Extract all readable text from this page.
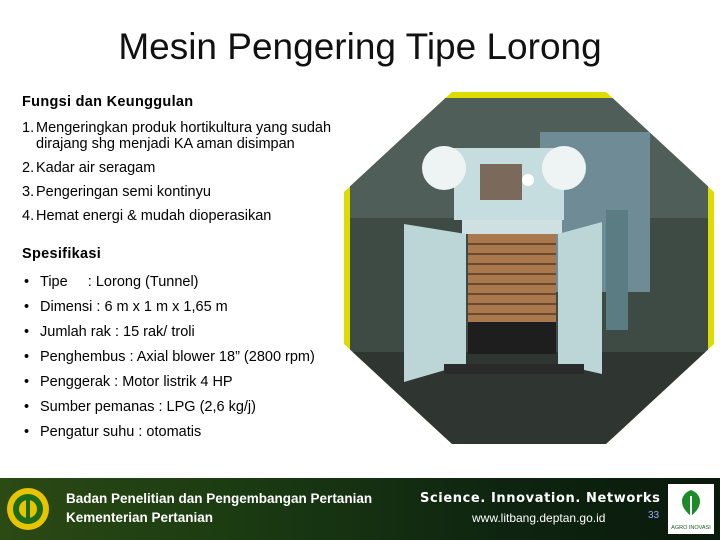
Mesin Pengering Tipe Lorong
Fungsi dan Keunggulan
1. Mengeringkan produk hortikultura yang sudah dirajang shg menjadi KA aman disimpan
2. Kadar air seragam
3. Pengeringan semi kontinyu
4. Hemat energi & mudah dioperasikan
Spesifikasi
• Tipe     : Lorong (Tunnel)
• Dimensi : 6 m x 1 m x 1,65 m
• Jumlah rak : 15 rak/ troli
• Penghembus : Axial blower 18” (2800 rpm)
• Penggerak : Motor listrik 4 HP
• Sumber pemanas : LPG (2,6 kg/j)
• Pengatur suhu : otomatis
Badan Penelitian dan Pengembangan Pertanian
Kementerian Pertanian
Science. Innovation. Networks
www.litbang.deptan.go.id	33
AGRO INOVASI
